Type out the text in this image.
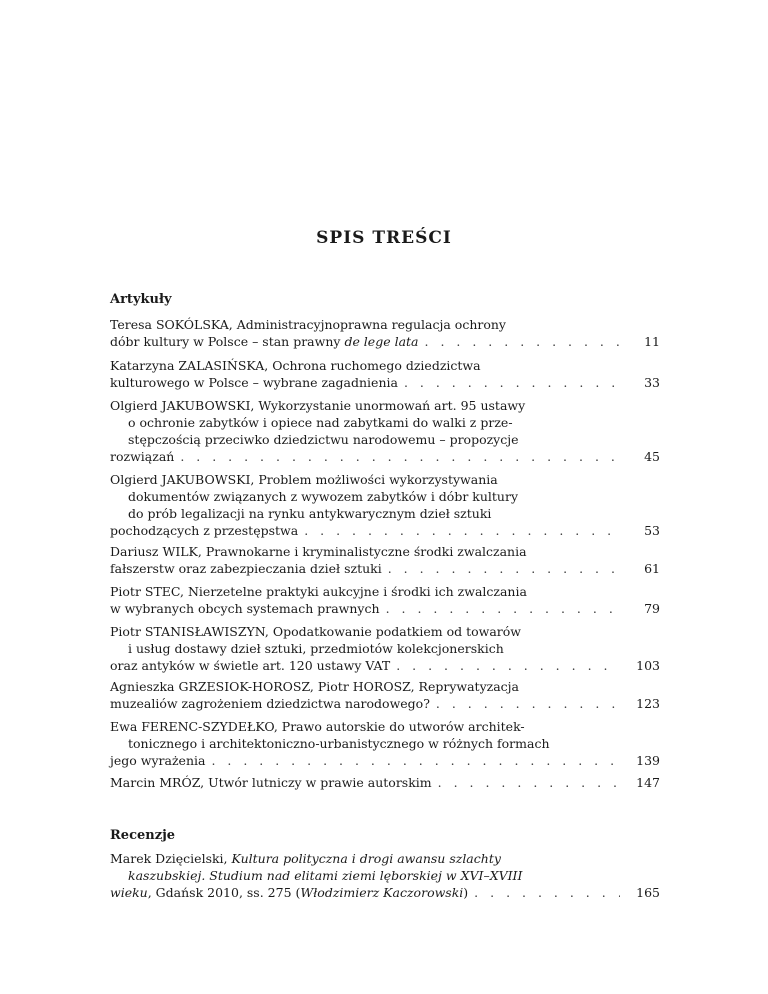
SPIS TREŚCI
Artykuły
Teresa SOKÓLSKA, Administracyjnoprawna regulacja ochrony
dóbr kultury w Polsce – stan prawny de lege lata . . .	11
Katarzyna ZALASIŃSKA, Ochrona ruchomego dziedzictwa
kulturowego w Polsce – wybrane zagadnienia . . .	33
Olgierd JAKUBOWSKI, Wykorzystanie unormowań art. 95 ustawy
o ochronie zabytków i opiece nad zabytkami do walki z prze-
stępczością przeciwko dziedzictwu narodowemu – propozycje
rozwiązań . . .	45
Olgierd JAKUBOWSKI, Problem możliwości wykorzystywania
dokumentów związanych z wywozem zabytków i dóbr kultury
do prób legalizacji na rynku antykwarycznym dzieł sztuki
pochodzących z przestępstwa . . .	53
Dariusz WILK, Prawnokarne i kryminalistyczne środki zwalczania
fałszerstw oraz zabezpieczania dzieł sztuki . . .	61
Piotr STEC, Nierzetelne praktyki aukcyjne i środki ich zwalczania
w wybranych obcych systemach prawnych . . .	79
Piotr STANISŁAWISZYN, Opodatkowanie podatkiem od towarów
i usług dostawy dzieł sztuki, przedmiotów kolekcjonerskich
oraz antyków w świetle art. 120 ustawy VAT . . .	103
Agnieszka GRZESIOK-HOROSZ, Piotr HOROSZ, Reprywatyzacja
muzealiów zagrożeniem dziedzictwa narodowego? . . .	123
Ewa FERENC-SZYDEŁKO, Prawo autorskie do utworów architek-
tonicznego i architektoniczno-urbanistycznego w różnych formach
jego wyrażenia . . .	139
Marcin MRÓZ, Utwór lutniczy w prawie autorskim . . .	147
Recenzje
Marek Dzięcielski, Kultura polityczna i drogi awansu szlachty
kaszubskiej. Studium nad elitami ziemi lęborskiej w XVI–XVIII
wieku, Gdańsk 2010, ss. 275 (Włodzimierz Kaczorowski) . . .	165
